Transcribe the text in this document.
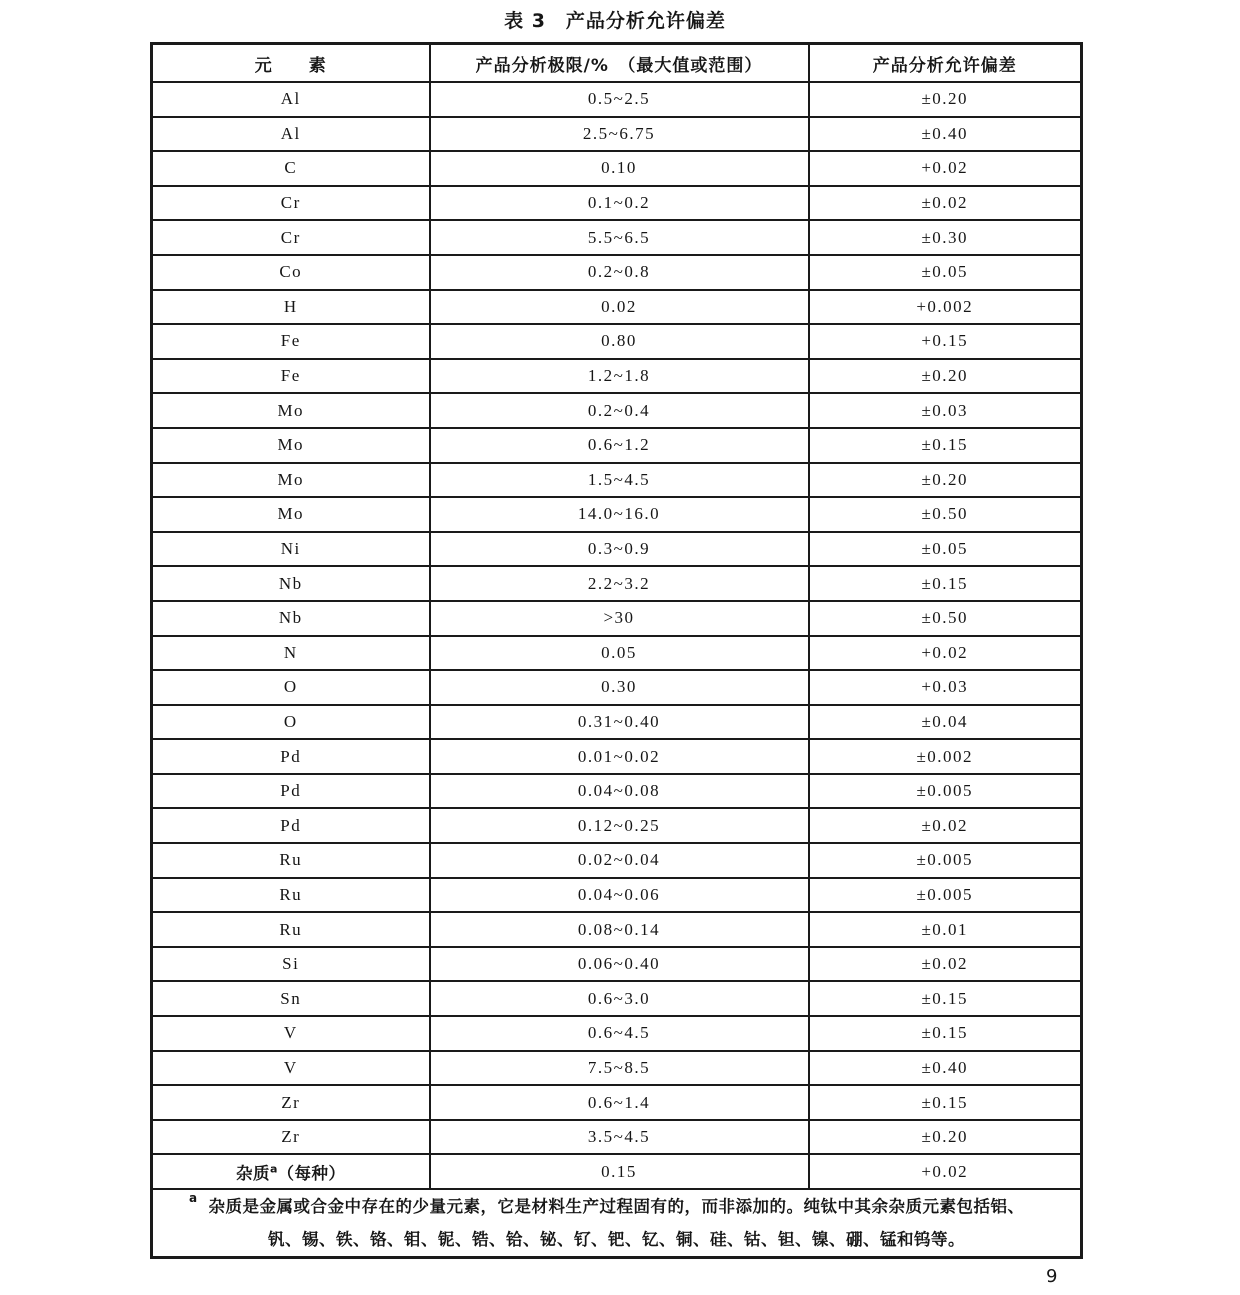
表 3　产品分析允许偏差
元　　素	产品分析极限/%　（最大值或范围）	产品分析允许偏差
Al	0.5~2.5	±0.20
Al	2.5~6.75	±0.40
C	0.10	+0.02
Cr	0.1~0.2	±0.02
Cr	5.5~6.5	±0.30
Co	0.2~0.8	±0.05
H	0.02	+0.002
Fe	0.80	+0.15
Fe	1.2~1.8	±0.20
Mo	0.2~0.4	±0.03
Mo	0.6~1.2	±0.15
Mo	1.5~4.5	±0.20
Mo	14.0~16.0	±0.50
Ni	0.3~0.9	±0.05
Nb	2.2~3.2	±0.15
Nb	>30	±0.50
N	0.05	+0.02
O	0.30	+0.03
O	0.31~0.40	±0.04
Pd	0.01~0.02	±0.002
Pd	0.04~0.08	±0.005
Pd	0.12~0.25	±0.02
Ru	0.02~0.04	±0.005
Ru	0.04~0.06	±0.005
Ru	0.08~0.14	±0.01
Si	0.06~0.40	±0.02
Sn	0.6~3.0	±0.15
V	0.6~4.5	±0.15
V	7.5~8.5	±0.40
Zr	0.6~1.4	±0.15
Zr	3.5~4.5	±0.20
杂质$^a$（每种）	0.15	+0.02

a 杂质是金属或合金中存在的少量元素，它是材料生产过程固有的，而非添加的。纯钛中其余杂质元素包括铝、
钒、锡、铁、铬、钼、铌、锆、铪、铋、钌、钯、钇、铜、硅、钴、钽、镍、硼、锰和钨等。		
9
